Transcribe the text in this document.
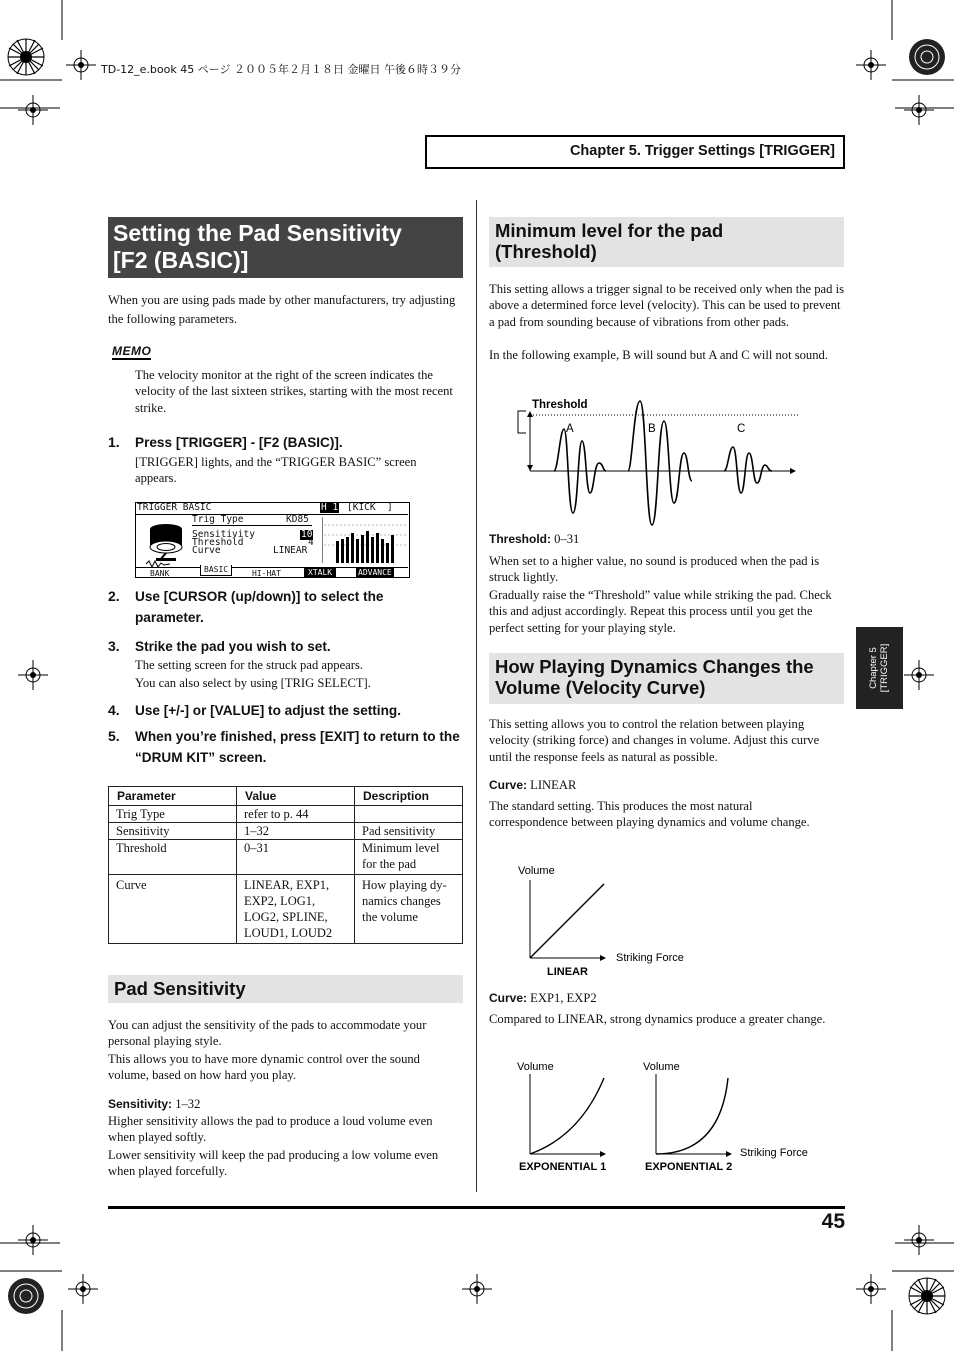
TD-12_e.book 45 ページ ２００５年２月１８日 金曜日 午後６時３９分
Chapter 5. Trigger Settings [TRIGGER]
Chapter 5 [TRIGGER]
Setting the Pad Sensitivity
[F2 (BASIC)]
When you are using pads made by other manufacturers, try adjusting the following parameters.
MEMO
The velocity monitor at the right of the screen indicates the velocity of the last sixteen strikes, starting with the most recent strike.
1. Press [TRIGGER] - [F2 (BASIC)].
[TRIGGER] lights, and the “TRIGGER BASIC” screen appears.
TRIGGER BASIC	H 1 [KICK  ]
Trig Type	KD85
Sensitivity	10
Threshold	4
Curve	LINEAR
BANK	BASIC	HI-HAT	XTALK	ADVANCE
2. Use [CURSOR (up/down)] to select the parameter.
3. Strike the pad you wish to set.
The setting screen for the struck pad appears.
You can also select by using [TRIG SELECT].
4. Use [+/-] or [VALUE] to adjust the setting.
5. When you’re finished, press [EXIT] to return to the “DRUM KIT” screen.
Parameter	Value	Description
Trig Type	refer to p. 44	
Sensitivity	1–32	Pad sensitivity
Threshold	0–31	Minimum level for the pad
Curve	LINEAR, EXP1, EXP2, LOG1, LOG2, SPLINE, LOUD1, LOUD2	How playing dy-namics changes the volume
Pad Sensitivity
You can adjust the sensitivity of the pads to accommodate your personal playing style.
This allows you to have more dynamic control over the sound volume, based on how hard you play.
Sensitivity: 1–32
Higher sensitivity allows the pad to produce a loud volume even when played softly.
Lower sensitivity will keep the pad producing a low volume even when played forcefully.
Minimum level for the pad
(Threshold)
This setting allows a trigger signal to be received only when the pad is above a determined force level (velocity). This can be used to prevent a pad from sounding because of vibrations from other pads.
In the following example, B will sound but A and C will not sound.
Threshold
A	B	C
Threshold: 0–31
When set to a higher value, no sound is produced when the pad is struck lightly.
Gradually raise the “Threshold” value while striking the pad. Check this and adjust accordingly. Repeat this process until you get the perfect setting for your playing style.
How Playing Dynamics Changes the
Volume (Velocity Curve)
This setting allows you to control the relation between playing velocity (striking force) and changes in volume. Adjust this curve until the response feels as natural as possible.
Curve: LINEAR
The standard setting. This produces the most natural correspondence between playing dynamics and volume change.
Volume
Striking Force
LINEAR
Curve: EXP1, EXP2
Compared to LINEAR, strong dynamics produce a greater change.
Volume	Volume
Striking Force
EXPONENTIAL 1	EXPONENTIAL 2
45
